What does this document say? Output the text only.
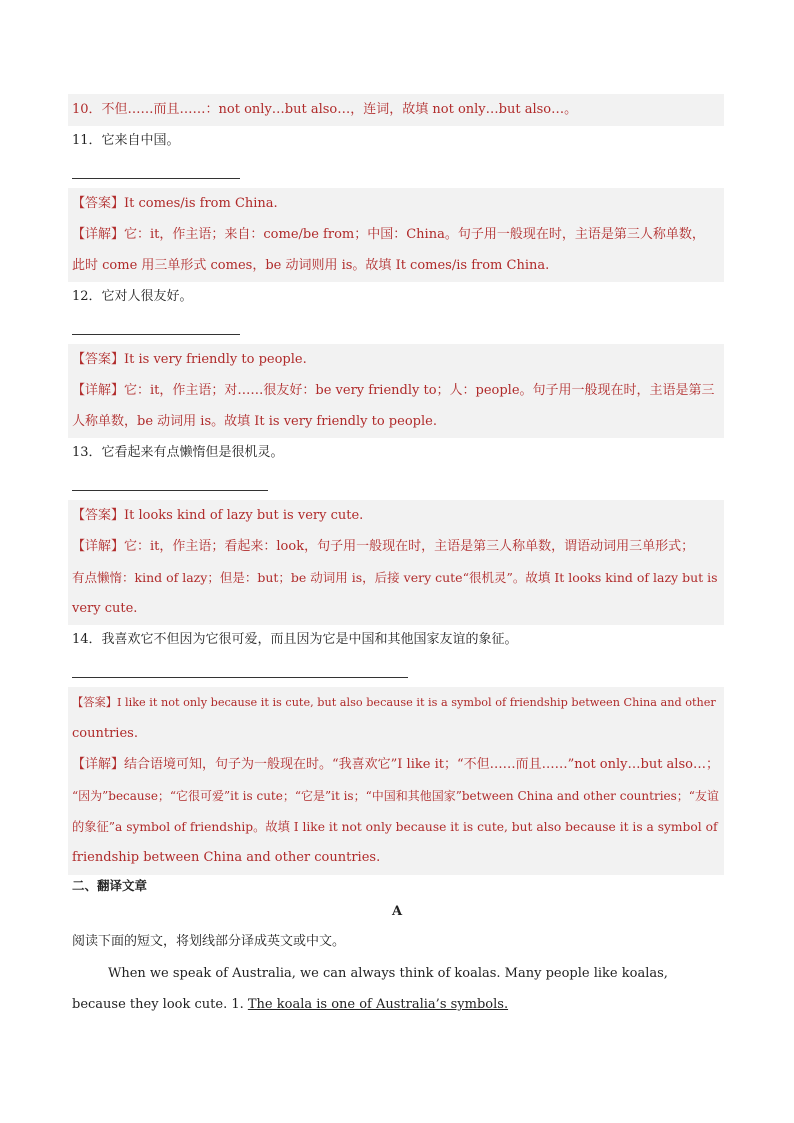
10．不但……而且……：not only…but also…，连词，故填 not only…but also…。
11．它来自中国。
【答案】It comes/is from China.
【详解】它：it，作主语；来自：come/be from；中国：China。句子用一般现在时，主语是第三人称单数，
此时 come 用三单形式 comes，be 动词则用 is。故填 It comes/is from China.
12．它对人很友好。
【答案】It is very friendly to people.
【详解】它：it，作主语；对……很友好：be very friendly to；人：people。句子用一般现在时，主语是第三
人称单数，be 动词用 is。故填 It is very friendly to people.
13．它看起来有点懒惰但是很机灵。
【答案】It looks kind of lazy but is very cute.
【详解】它：it，作主语；看起来：look，句子用一般现在时，主语是第三人称单数，谓语动词用三单形式；
有点懒惰：kind of lazy；但是：but；be 动词用 is，后接 very cute“很机灵”。故填 It looks kind of lazy but is
very cute.
14．我喜欢它不但因为它很可爱，而且因为它是中国和其他国家友谊的象征。
【答案】I like it not only because it is cute, but also because it is a symbol of friendship between China and other
countries.
【详解】结合语境可知，句子为一般现在时。“我喜欢它”I like it；“不但……而且……”not only…but also…；
“因为”because；“它很可爱”it is cute；“它是”it is；“中国和其他国家”between China and other countries；“友谊
的象征”a symbol of friendship。故填 I like it not only because it is cute, but also because it is a symbol of
friendship between China and other countries.
二、翻译文章
A
阅读下面的短文，将划线部分译成英文或中文。
When we speak of Australia, we can always think of koalas. Many people like koalas, because they look cute. 1. The koala is one of Australia’s symbols.
